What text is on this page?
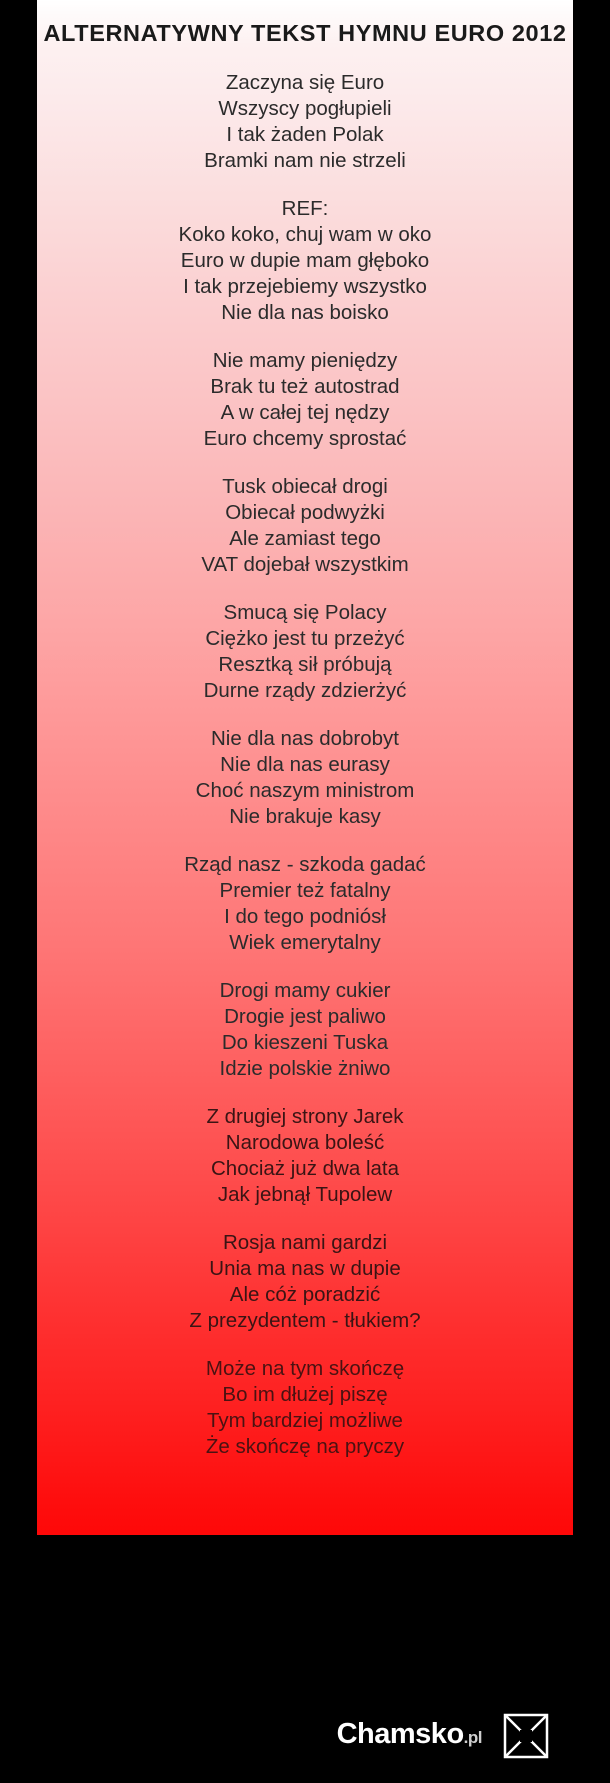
ALTERNATYWNY TEKST HYMNU EURO 2012
Zaczyna się Euro
Wszyscy pogłupieli
I tak żaden Polak
Bramki nam nie strzeli
REF:
Koko koko, chuj wam w oko
Euro w dupie mam głęboko
I tak przejebiemy wszystko
Nie dla nas boisko
Nie mamy pieniędzy
Brak tu też autostrad
A w całej tej nędzy
Euro chcemy sprostać
Tusk obiecał drogi
Obiecał podwyżki
Ale zamiast tego
VAT dojebał wszystkim
Smucą się Polacy
Ciężko jest tu przeżyć
Resztką sił próbują
Durne rządy zdzierżyć
Nie dla nas dobrobyt
Nie dla nas eurasy
Choć naszym ministrom
Nie brakuje kasy
Rząd nasz - szkoda gadać
Premier też fatalny
I do tego podniósł
Wiek emerytalny
Drogi mamy cukier
Drogie jest paliwo
Do kieszeni Tuska
Idzie polskie żniwo
Z drugiej strony Jarek
Narodowa boleść
Chociaż już dwa lata
Jak jebnął Tupolew
Rosja nami gardzi
Unia ma nas w dupie
Ale cóż poradzić
Z prezydentem - tłukiem?
Może na tym skończę
Bo im dłużej piszę
Tym bardziej możliwe
Że skończę na pryczy
Chamsko.pl
